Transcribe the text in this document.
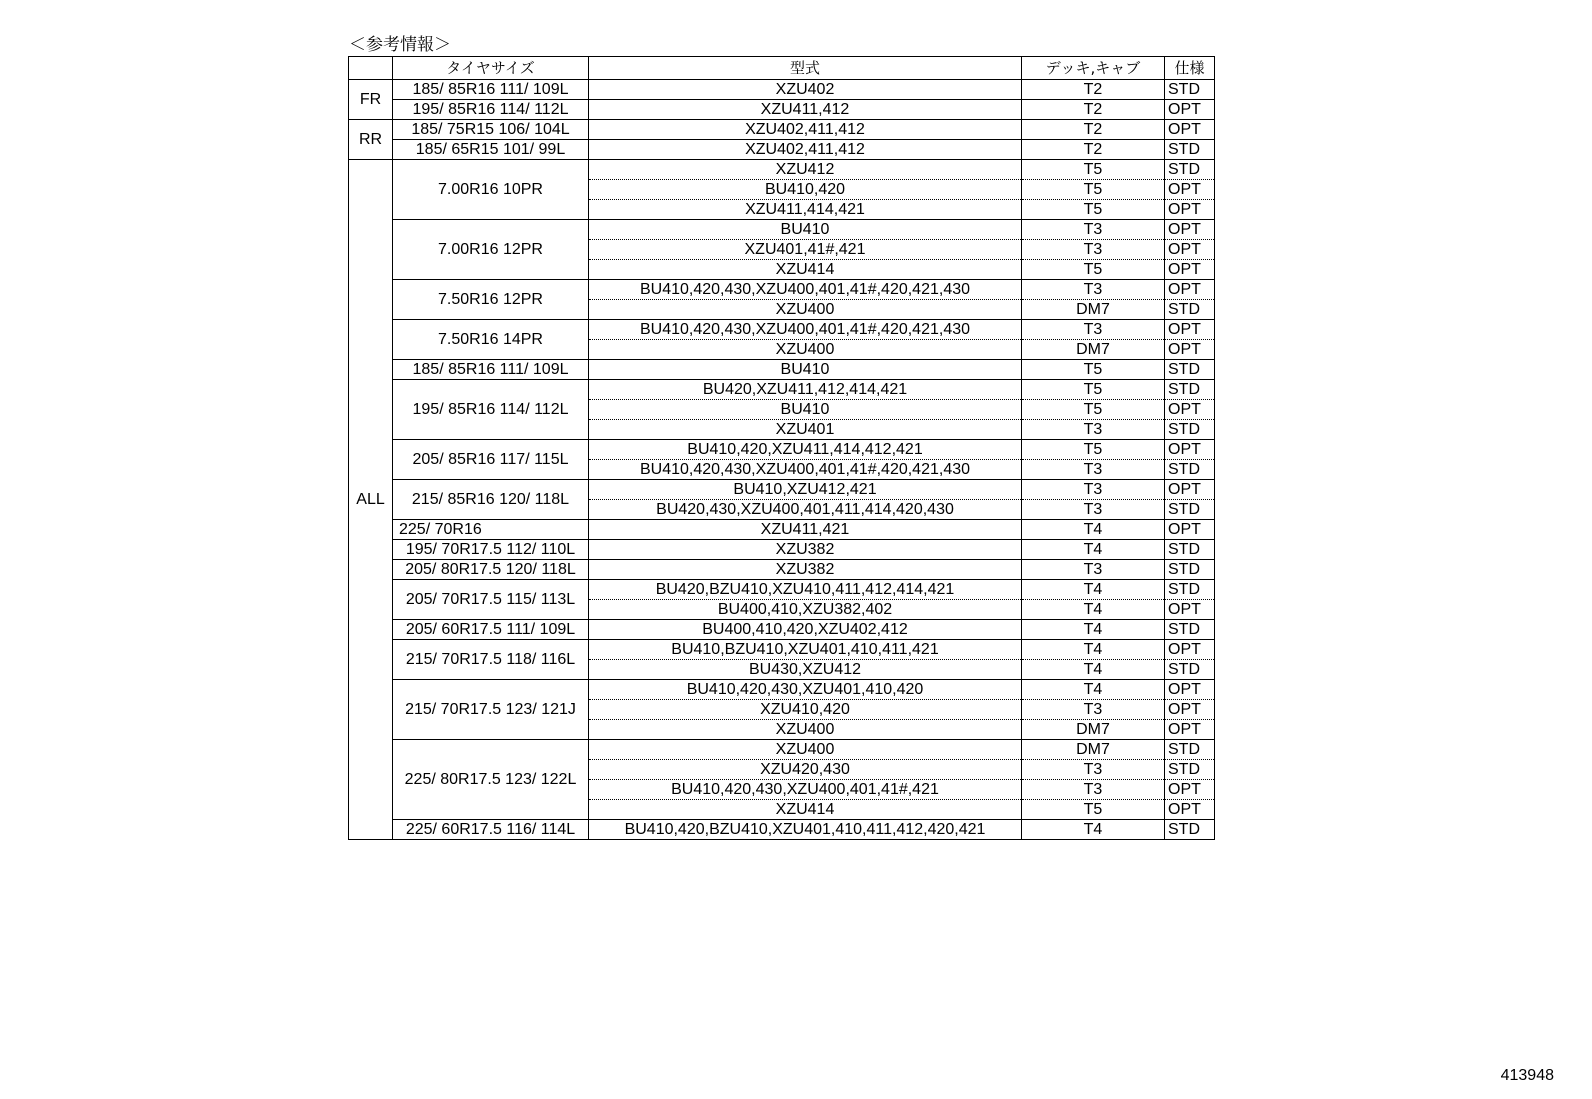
＜参考情報＞
	タイヤサイズ	型式	デッキ,キャブ	仕様
FR	185/ 85R16 111/ 109L	XZU402	T2	STD
	195/ 85R16 114/ 112L	XZU411,412	T2	OPT
RR	185/ 75R15 106/ 104L	XZU402,411,412	T2	OPT
	185/ 65R15 101/ 99L	XZU402,411,412	T2	STD
ALL	7.00R16 10PR	XZU412	T5	STD
		BU410,420	T5	OPT
		XZU411,414,421	T5	OPT
	7.00R16 12PR	BU410	T3	OPT
		XZU401,41#,421	T3	OPT
		XZU414	T5	OPT
	7.50R16 12PR	BU410,420,430,XZU400,401,41#,420,421,430	T3	OPT
		XZU400	DM7	STD
	7.50R16 14PR	BU410,420,430,XZU400,401,41#,420,421,430	T3	OPT
		XZU400	DM7	OPT
	185/ 85R16 111/ 109L	BU410	T5	STD
	195/ 85R16 114/ 112L	BU420,XZU411,412,414,421	T5	STD
		BU410	T5	OPT
		XZU401	T3	STD
	205/ 85R16 117/ 115L	BU410,420,XZU411,414,412,421	T5	OPT
		BU410,420,430,XZU400,401,41#,420,421,430	T3	STD
	215/ 85R16 120/ 118L	BU410,XZU412,421	T3	OPT
		BU420,430,XZU400,401,411,414,420,430	T3	STD
	225/ 70R16	XZU411,421	T4	OPT
	195/ 70R17.5 112/ 110L	XZU382	T4	STD
	205/ 80R17.5 120/ 118L	XZU382	T3	STD
	205/ 70R17.5 115/ 113L	BU420,BZU410,XZU410,411,412,414,421	T4	STD
		BU400,410,XZU382,402	T4	OPT
	205/ 60R17.5 111/ 109L	BU400,410,420,XZU402,412	T4	STD
	215/ 70R17.5 118/ 116L	BU410,BZU410,XZU401,410,411,421	T4	OPT
		BU430,XZU412	T4	STD
	215/ 70R17.5 123/ 121J	BU410,420,430,XZU401,410,420	T4	OPT
		XZU410,420	T3	OPT
		XZU400	DM7	OPT
	225/ 80R17.5 123/ 122L	XZU400	DM7	STD
		XZU420,430	T3	STD
		BU410,420,430,XZU400,401,41#,421	T3	OPT
		XZU414	T5	OPT
	225/ 60R17.5 116/ 114L	BU410,420,BZU410,XZU401,410,411,412,420,421	T4	STD
413948
